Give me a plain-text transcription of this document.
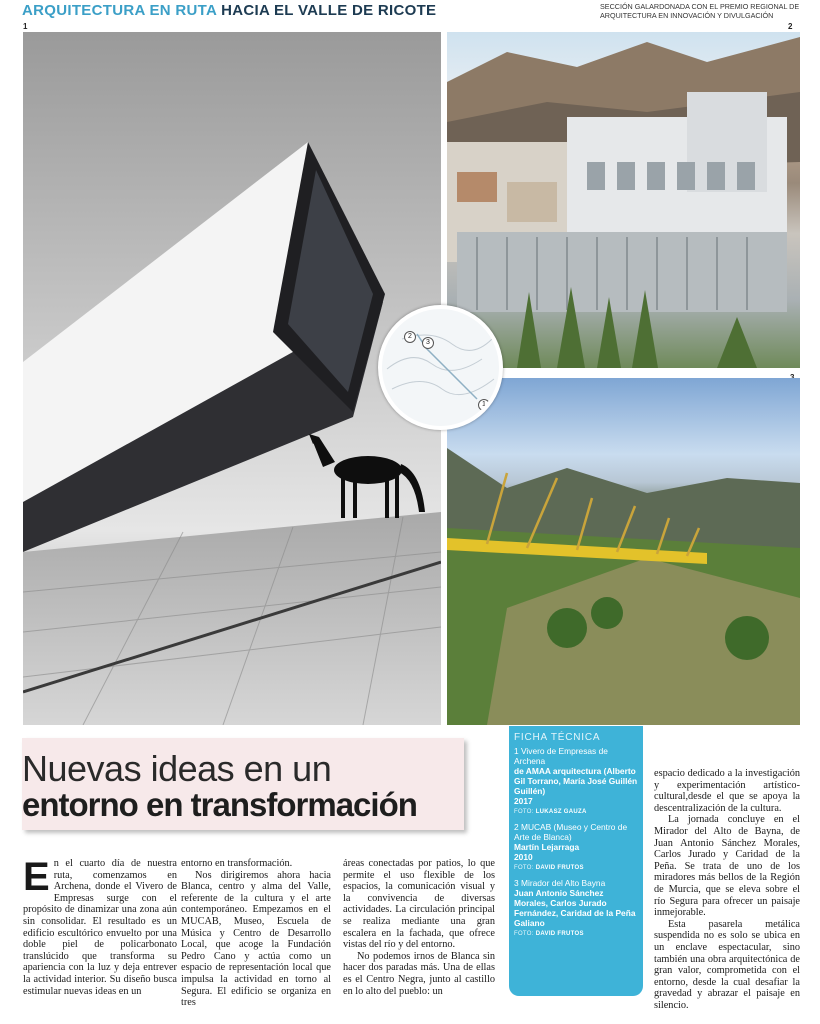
ARQUITECTURA EN RUTA HACIA EL VALLE DE RICOTE	SECCIÓN GALARDONADA CON EL PREMIO REGIONAL DE ARQUITECTURA EN INNOVACIÓN Y DIVULGACIÓN
1	2
2
3
1
Nuevas ideas en un
entorno en transformación
FICHA TÉCNICA
1 Vivero de Empresas de Archena
de AMAA arquitectura (Alberto Gil Torrano, María José Guillén Guillén)
2017
FOTO: LUKASZ GAUZA
2 MUCAB (Museo y Centro de Arte de Blanca)
Martín Lejarraga
2010
FOTO: DAVID FRUTOS
3 Mirador del Alto Bayna
Juan Antonio Sánchez Morales, Carlos Jurado Fernández, Caridad de la Peña Galiano
FOTO: DAVID FRUTOS

En el cuarto día de nuestra ruta, comenzamos en Archena, donde el Vivero de Empresas surge con el propósito de dinamizar una zona aún sin consolidar. El resultado es un edificio escultórico envuelto por una doble piel de policarbonato translúcido que transforma su apariencia con la luz y deja entrever la actividad interior. Su diseño busca estimular nuevas ideas en un

entorno en transformación.

Nos dirigiremos ahora hacia Blanca, centro y alma del Valle, referente de la cultura y el arte contemporáneo. Empezamos en el MUCAB, Museo, Escuela de Música y Centro de Desarrollo Local, que acoge la Fundación Pedro Cano y actúa como un espacio de representación local que impulsa la actividad en torno al Segura. El edificio se organiza en tres

áreas conectadas por patios, lo que permite el uso flexible de los espacios, la comunicación visual y la convivencia de diversas actividades. La circulación principal se realiza mediante una gran escalera en la fachada, que ofrece vistas del río y del entorno.

No podemos irnos de Blanca sin hacer dos paradas más. Una de ellas es el Centro Negra, junto al castillo en lo alto del pueblo: un

espacio dedicado a la investigación y experimentación artístico-cultural,desde el que se apoya la descentralización de la cultura.

La jornada concluye en el Mirador del Alto de Bayna, de Juan Antonio Sánchez Morales, Carlos Jurado y Caridad de la Peña. Se trata de uno de los miradores más bellos de la Región de Murcia, que se eleva sobre el río Segura para ofrecer un paisaje inmejorable.

Esta pasarela metálica suspendida no es solo se ubica en un enclave espectacular, sino también una obra arquitectónica de gran valor, comprometida con el entorno, desde la cual desafiar la gravedad y abrazar el paisaje en silencio.
